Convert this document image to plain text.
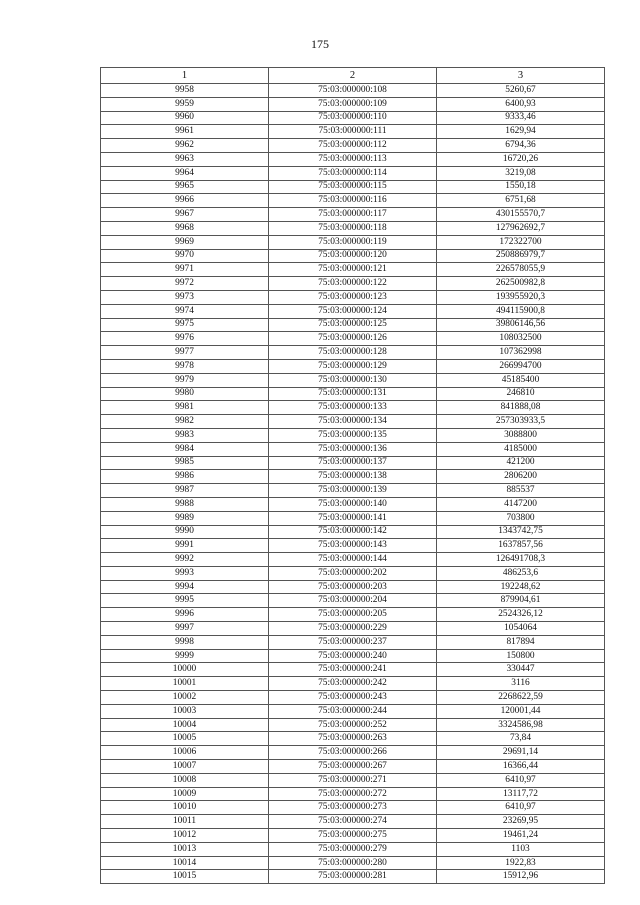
175
1	2	3
9958	75:03:000000:108	5260,67
9959	75:03:000000:109	6400,93
9960	75:03:000000:110	9333,46
9961	75:03:000000:111	1629,94
9962	75:03:000000:112	6794,36
9963	75:03:000000:113	16720,26
9964	75:03:000000:114	3219,08
9965	75:03:000000:115	1550,18
9966	75:03:000000:116	6751,68
9967	75:03:000000:117	430155570,7
9968	75:03:000000:118	127962692,7
9969	75:03:000000:119	172322700
9970	75:03:000000:120	250886979,7
9971	75:03:000000:121	226578055,9
9972	75:03:000000:122	262500982,8
9973	75:03:000000:123	193955920,3
9974	75:03:000000:124	494115900,8
9975	75:03:000000:125	39806146,56
9976	75:03:000000:126	108032500
9977	75:03:000000:128	107362998
9978	75:03:000000:129	266994700
9979	75:03:000000:130	45185400
9980	75:03:000000:131	246810
9981	75:03:000000:133	841888,08
9982	75:03:000000:134	257303933,5
9983	75:03:000000:135	3088800
9984	75:03:000000:136	4185000
9985	75:03:000000:137	421200
9986	75:03:000000:138	2806200
9987	75:03:000000:139	885537
9988	75:03:000000:140	4147200
9989	75:03:000000:141	703800
9990	75:03:000000:142	1343742,75
9991	75:03:000000:143	1637857,56
9992	75:03:000000:144	126491708,3
9993	75:03:000000:202	486253,6
9994	75:03:000000:203	192248,62
9995	75:03:000000:204	879904,61
9996	75:03:000000:205	2524326,12
9997	75:03:000000:229	1054064
9998	75:03:000000:237	817894
9999	75:03:000000:240	150800
10000	75:03:000000:241	330447
10001	75:03:000000:242	3116
10002	75:03:000000:243	2268622,59
10003	75:03:000000:244	120001,44
10004	75:03:000000:252	3324586,98
10005	75:03:000000:263	73,84
10006	75:03:000000:266	29691,14
10007	75:03:000000:267	16366,44
10008	75:03:000000:271	6410,97
10009	75:03:000000:272	13117,72
10010	75:03:000000:273	6410,97
10011	75:03:000000:274	23269,95
10012	75:03:000000:275	19461,24
10013	75:03:000000:279	1103
10014	75:03:000000:280	1922,83
10015	75:03:000000:281	15912,96
